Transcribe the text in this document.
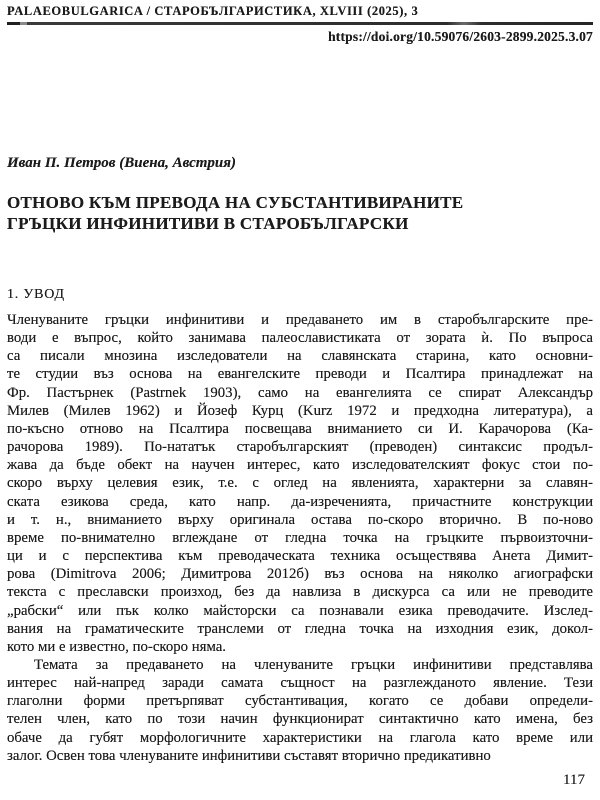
PALAEOBULGARICA / СТАРОБЪЛГАРИСТИКА, XLVIII (2025), 3
https://doi.org/10.59076/2603-2899.2025.3.07
Иван П. Петров (Виена, Австрия)
ОТНОВО КЪМ ПРЕВОДА НА СУБСТАНТИВИРАНИТЕ
ГРЪЦКИ ИНФИНИТИВИ В СТАРОБЪЛГАРСКИ
1. УВОД
Членуваните гръцки инфинитиви и предаването им в старобългарските пре-
води е въпрос, който занимава палеославистиката от зората ѝ. По въпроса
са писали мнозина изследователи на славянската старина, като основни-
те студии въз основа на евангелските преводи и Псалтира принадлежат на
Фр. Пастърнек (Pastrnek 1903), само на евангелията се спират Александър
Милев (Милев 1962) и Йозеф Курц (Kurz 1972 и предходна литература), а
по-късно отново на Псалтира посвещава вниманието си И. Карачорова (Ка-
рачорова 1989). По-нататък старобългарският (преводен) синтаксис продъл-
жава да бъде обект на научен интерес, като изследователският фокус стои по-
скоро върху целевия език, т.е. с оглед на явленията, характерни за славян-
ската езикова среда, като напр. да-изреченията, причастните конструкции
и т. н., вниманието върху оригинала остава по-скоро вторично. В по-ново
време по-внимателно вглеждане от гледна точка на гръцките първоизточни-
ци и с перспектива към преводаческата техника осъществява Анета Димит-
рова (Dimitrova 2006; Димитрова 2012б) въз основа на няколко агиографски
текста с преславски произход, без да навлиза в дискурса са или не преводите
„рабски“ или пък колко майсторски са познавали езика преводачите. Изслед-
вания на граматическите транслеми от гледна точка на изходния език, докол-
кото ми е известно, по-скоро няма.
Темата за предаването на членуваните гръцки инфинитиви представлява
интерес най-напред заради самата същност на разглежданото явление. Тези
глаголни форми претърпяват субстантивация, когато се добави определи-
телен член, като по този начин функционират синтактично като имена, без
обаче да губят морфологичните характеристики на глагола като време или
залог. Освен това членуваните инфинитиви съставят вторично предикативно
117
